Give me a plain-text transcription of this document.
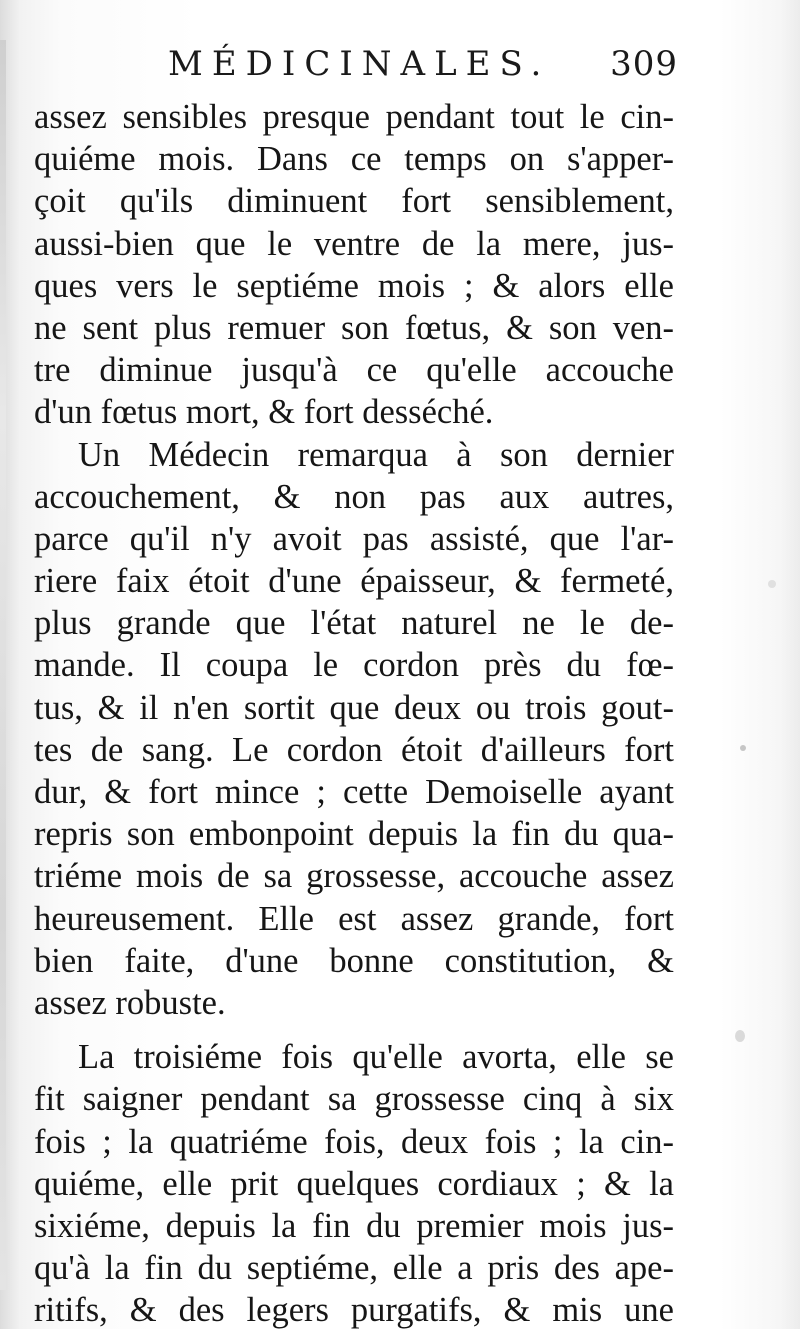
MÉDICINALES. 309
assez sensibles presque pendant tout le cin-
quiéme mois. Dans ce temps on s'apper-
çoit qu'ils diminuent fort sensiblement,
aussi-bien que le ventre de la mere, jus-
ques vers le septiéme mois ; & alors elle
ne sent plus remuer son fœtus, & son ven-
tre diminue jusqu'à ce qu'elle accouche
d'un fœtus mort, & fort desséché.
Un Médecin remarqua à son dernier
accouchement, & non pas aux autres,
parce qu'il n'y avoit pas assisté, que l'ar-
riere faix étoit d'une épaisseur, & fermeté,
plus grande que l'état naturel ne le de-
mande. Il coupa le cordon près du fœ-
tus, & il n'en sortit que deux ou trois gout-
tes de sang. Le cordon étoit d'ailleurs fort
dur, & fort mince ; cette Demoiselle ayant
repris son embonpoint depuis la fin du qua-
triéme mois de sa grossesse, accouche assez
heureusement. Elle est assez grande, fort
bien faite, d'une bonne constitution, &
assez robuste.
La troisiéme fois qu'elle avorta, elle se
fit saigner pendant sa grossesse cinq à six
fois ; la quatriéme fois, deux fois ; la cin-
quiéme, elle prit quelques cordiaux ; & la
sixiéme, depuis la fin du premier mois jus-
qu'à la fin du septiéme, elle a pris des ape-
ritifs, & des legers purgatifs, & mis une
